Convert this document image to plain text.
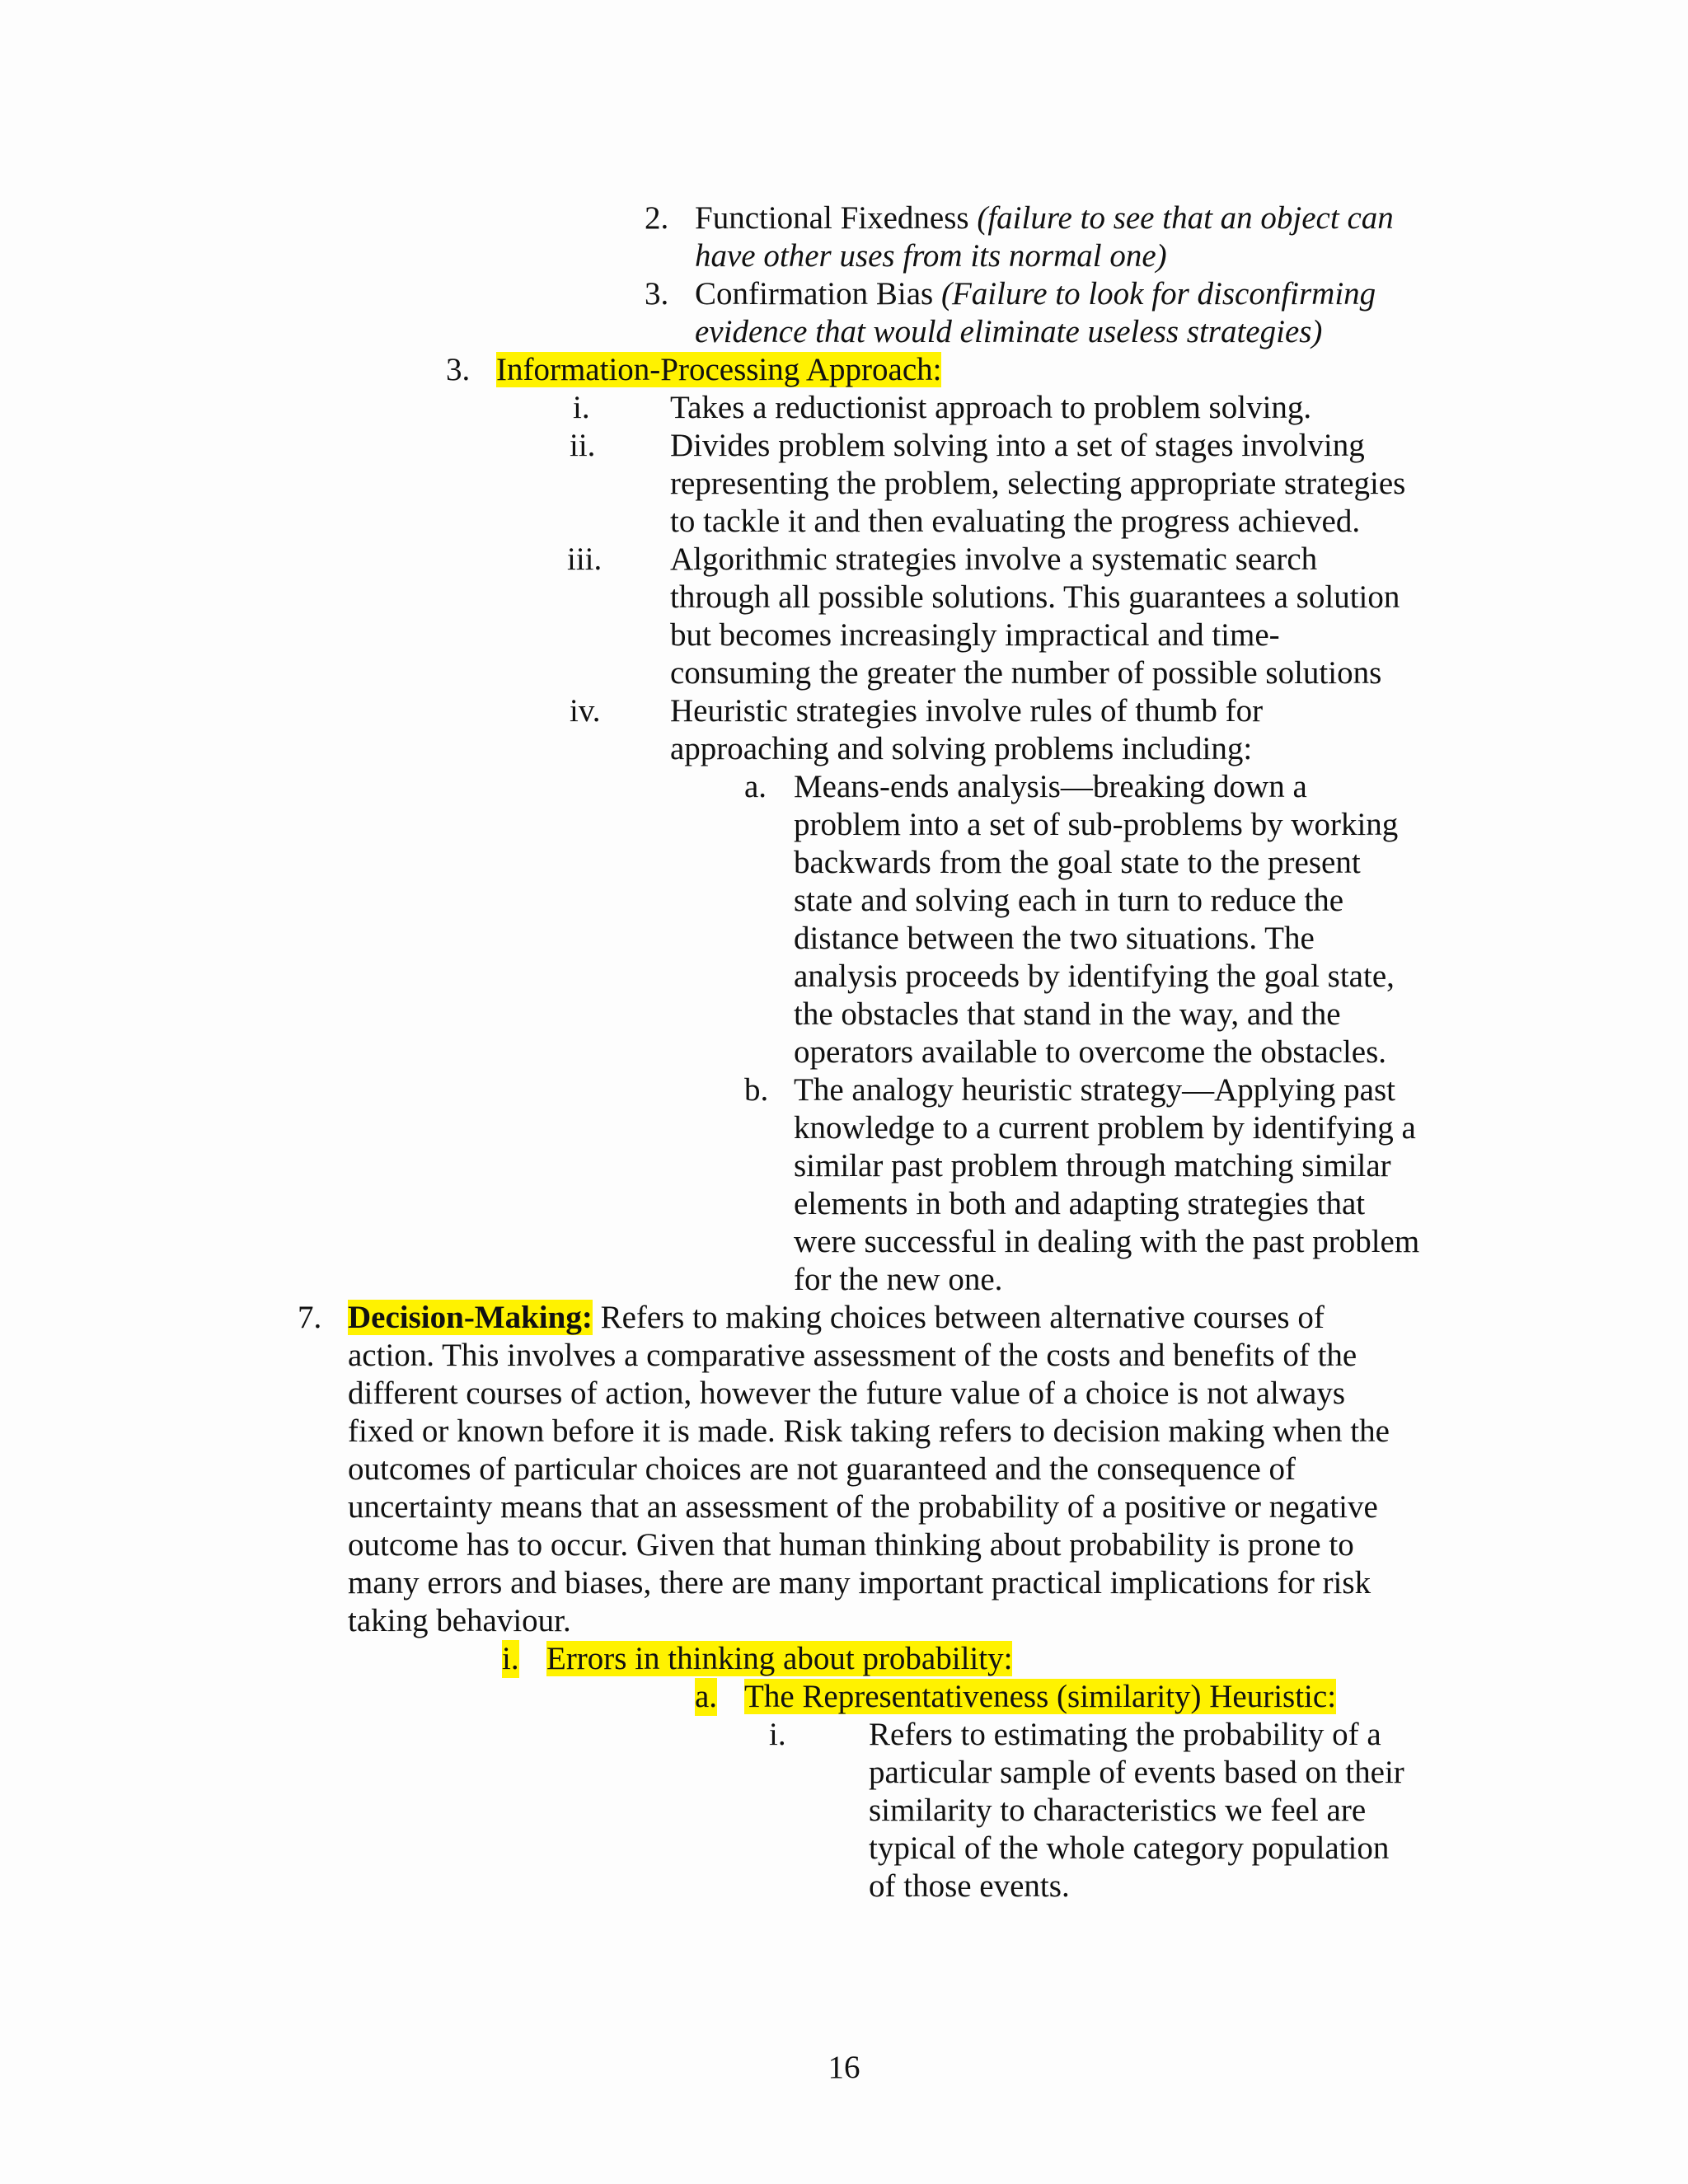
2. Functional Fixedness (failure to see that an object can
have other uses from its normal one)
3. Confirmation Bias (Failure to look for disconfirming
evidence that would eliminate useless strategies)
3. Information-Processing Approach:
i. Takes a reductionist approach to problem solving.
ii. Divides problem solving into a set of stages involving
representing the problem, selecting appropriate strategies
to tackle it and then evaluating the progress achieved.
iii. Algorithmic strategies involve a systematic search
through all possible solutions. This guarantees a solution
but becomes increasingly impractical and time-
consuming the greater the number of possible solutions
iv. Heuristic strategies involve rules of thumb for
approaching and solving problems including:
a. Means-ends analysis—breaking down a
problem into a set of sub-problems by working
backwards from the goal state to the present
state and solving each in turn to reduce the
distance between the two situations. The
analysis proceeds by identifying the goal state,
the obstacles that stand in the way, and the
operators available to overcome the obstacles.
b. The analogy heuristic strategy—Applying past
knowledge to a current problem by identifying a
similar past problem through matching similar
elements in both and adapting strategies that
were successful in dealing with the past problem
for the new one.
7. Decision-Making: Refers to making choices between alternative courses of
action. This involves a comparative assessment of the costs and benefits of the
different courses of action, however the future value of a choice is not always
fixed or known before it is made. Risk taking refers to decision making when the
outcomes of particular choices are not guaranteed and the consequence of
uncertainty means that an assessment of the probability of a positive or negative
outcome has to occur. Given that human thinking about probability is prone to
many errors and biases, there are many important practical implications for risk
taking behaviour.
i. Errors in thinking about probability:
a. The Representativeness (similarity) Heuristic:
i.	Refers to estimating the probability of a
particular sample of events based on their
similarity to characteristics we feel are
typical of the whole category population
of those events.
16
